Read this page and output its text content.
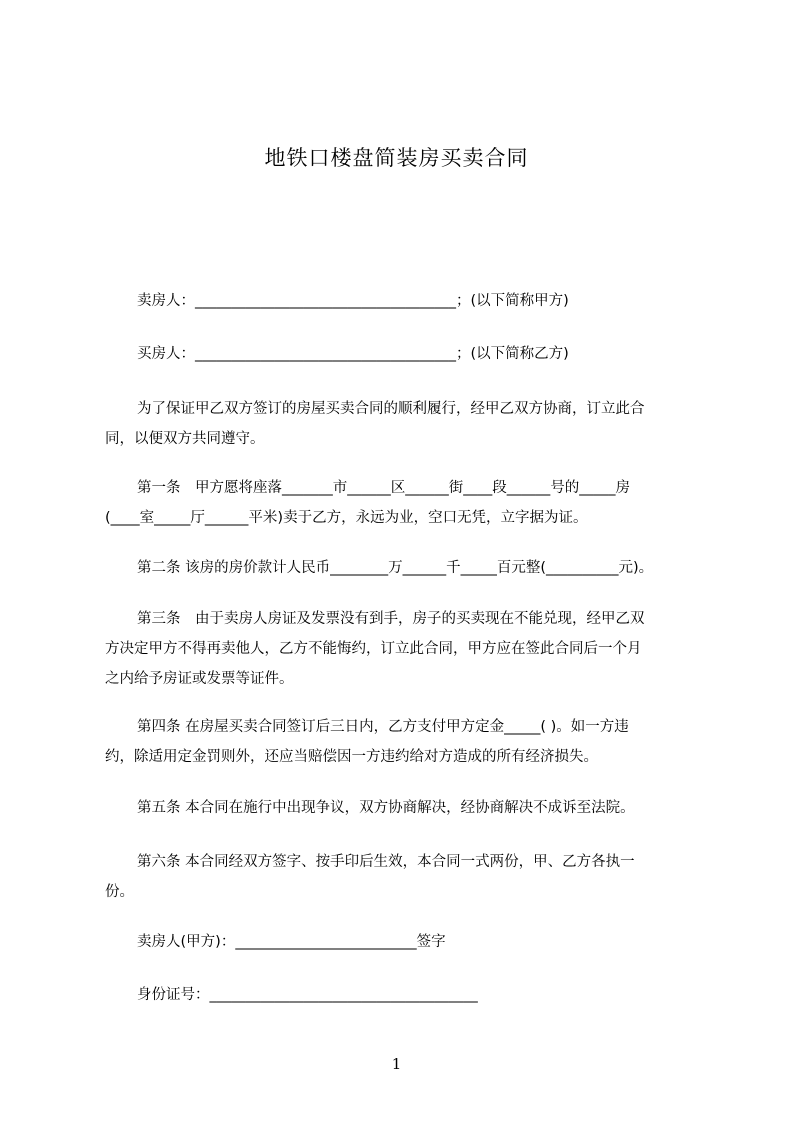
地铁口楼盘简装房买卖合同
卖房人：____________________________________；(以下简称甲方)
买房人：____________________________________；(以下简称乙方)
为了保证甲乙双方签订的房屋买卖合同的顺利履行，经甲乙双方协商，订立此合
同，以便双方共同遵守。
第一条　甲方愿将座落_______市______区______街____段______号的_____房
(____室_____厅______平米)卖于乙方，永远为业，空口无凭，立字据为证。
第二条 该房的房价款计人民币________万______千_____百元整(__________元)。
第三条　由于卖房人房证及发票没有到手，房子的买卖现在不能兑现，经甲乙双
方决定甲方不得再卖他人，乙方不能悔约，订立此合同，甲方应在签此合同后一个月
之内给予房证或发票等证件。
第四条 在房屋买卖合同签订后三日内，乙方支付甲方定金_____( )。如一方违
约，除适用定金罚则外，还应当赔偿因一方违约给对方造成的所有经济损失。
第五条 本合同在施行中出现争议，双方协商解决，经协商解决不成诉至法院。
第六条 本合同经双方签字、按手印后生效，本合同一式两份，甲、乙方各执一
份。
卖房人(甲方)：_________________________签字
身份证号：_____________________________________
1
